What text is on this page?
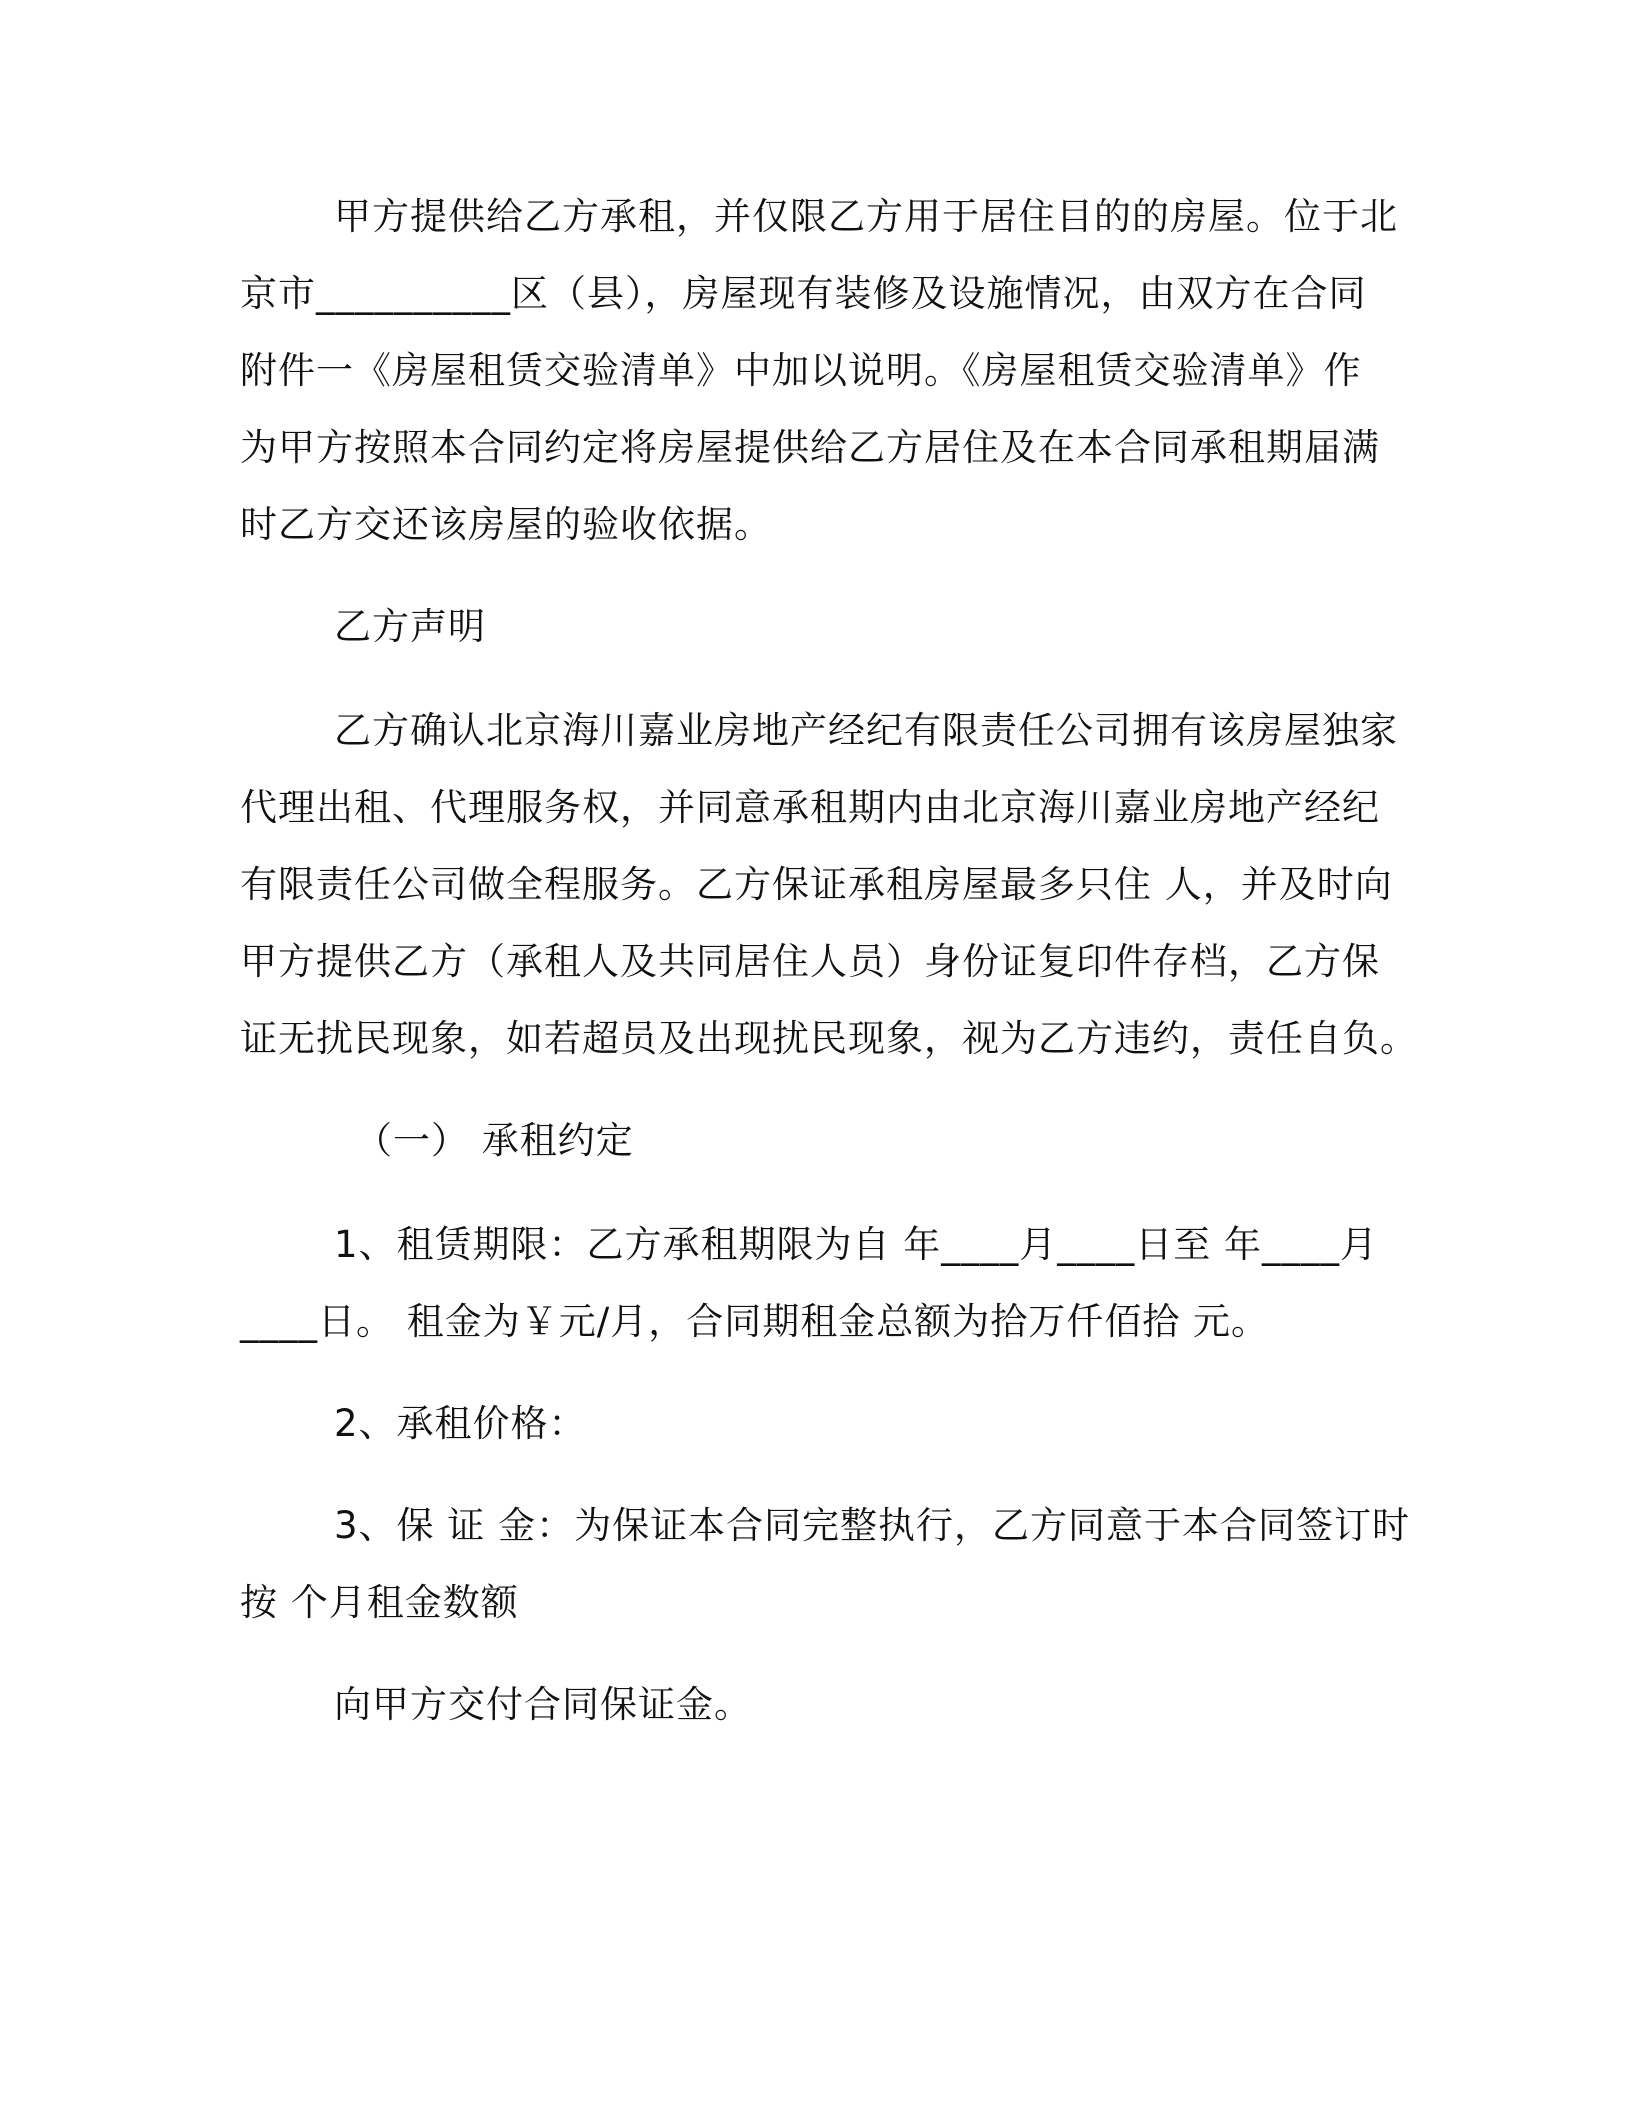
甲方提供给乙方承租，并仅限乙方用于居住目的的房屋。位于北
京市__________区（县），房屋现有装修及设施情况，由双方在合同
附件一《房屋租赁交验清单》中加以说明。《房屋租赁交验清单》作
为甲方按照本合同约定将房屋提供给乙方居住及在本合同承租期届满
时乙方交还该房屋的验收依据。
乙方声明
乙方确认北京海川嘉业房地产经纪有限责任公司拥有该房屋独家
代理出租、代理服务权，并同意承租期内由北京海川嘉业房地产经纪
有限责任公司做全程服务。乙方保证承租房屋最多只住 人，并及时向
甲方提供乙方（承租人及共同居住人员）身份证复印件存档，乙方保
证无扰民现象，如若超员及出现扰民现象，视为乙方违约，责任自负。
（一） 承租约定
1、租赁期限：乙方承租期限为自 年____月____日至 年____月
____日。 租金为￥元/月，合同期租金总额为拾万仟佰拾 元。
2、承租价格：
3、保 证 金：为保证本合同完整执行，乙方同意于本合同签订时
按 个月租金数额
向甲方交付合同保证金。
